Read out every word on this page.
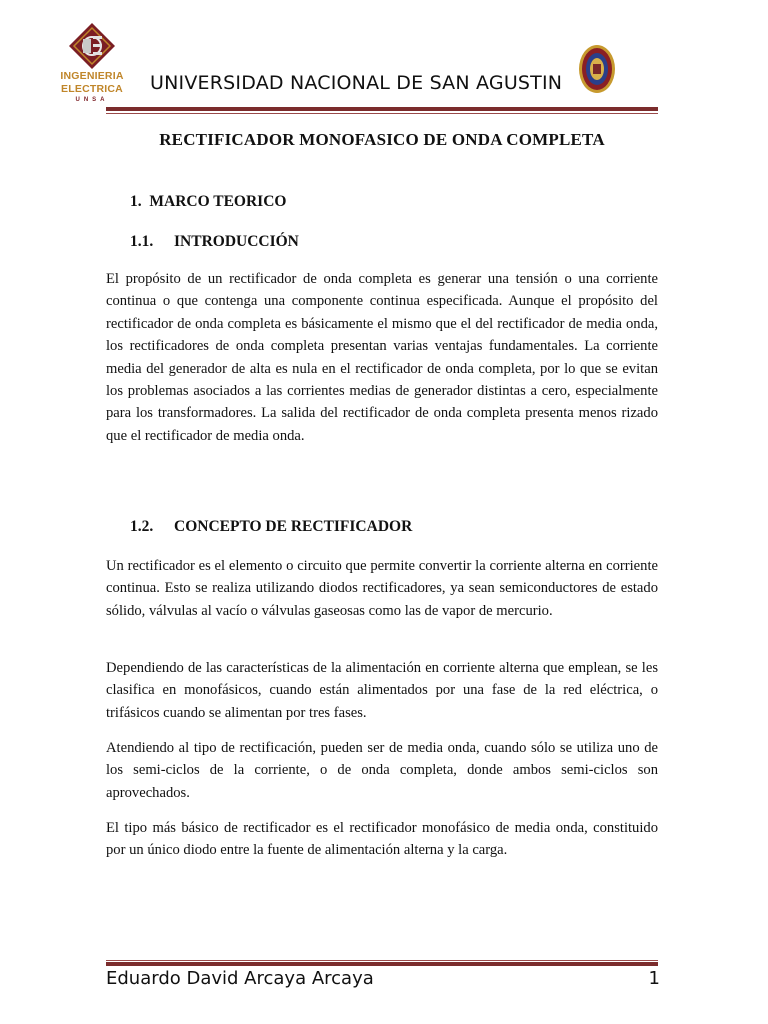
INGENIERIA
ELECTRICA
UNSA
UNIVERSIDAD NACIONAL DE SAN AGUSTIN
RECTIFICADOR MONOFASICO DE ONDA COMPLETA
1. MARCO TEORICO
1.1. INTRODUCCIÓN

El propósito de un rectificador de onda completa es generar una tensión o una corriente continua o que contenga una componente continua especificada. Aunque el propósito del rectificador de onda completa es básicamente el mismo que el del rectificador de media onda, los rectificadores de onda completa presentan varias ventajas fundamentales. La corriente media del generador de alta es nula en el rectificador de onda completa, por lo que se evitan los problemas asociados a las corrientes medias de generador distintas a cero, especialmente para los transformadores. La salida del rectificador de onda completa presenta menos rizado que el rectificador de media onda.

1.2. CONCEPTO DE RECTIFICADOR

Un rectificador es el elemento o circuito que permite convertir la corriente alterna en corriente continua. Esto se realiza utilizando diodos rectificadores, ya sean semiconductores de estado sólido, válvulas al vacío o válvulas gaseosas como las de vapor de mercurio.

Dependiendo de las características de la alimentación en corriente alterna que emplean, se les clasifica en monofásicos, cuando están alimentados por una fase de la red eléctrica, o trifásicos cuando se alimentan por tres fases.

Atendiendo al tipo de rectificación, pueden ser de media onda, cuando sólo se utiliza uno de los semi-ciclos de la corriente, o de onda completa, donde ambos semi-ciclos son aprovechados.

El tipo más básico de rectificador es el rectificador monofásico de media onda, constituido por un único diodo entre la fuente de alimentación alterna y la carga.

Eduardo David Arcaya Arcaya	1
